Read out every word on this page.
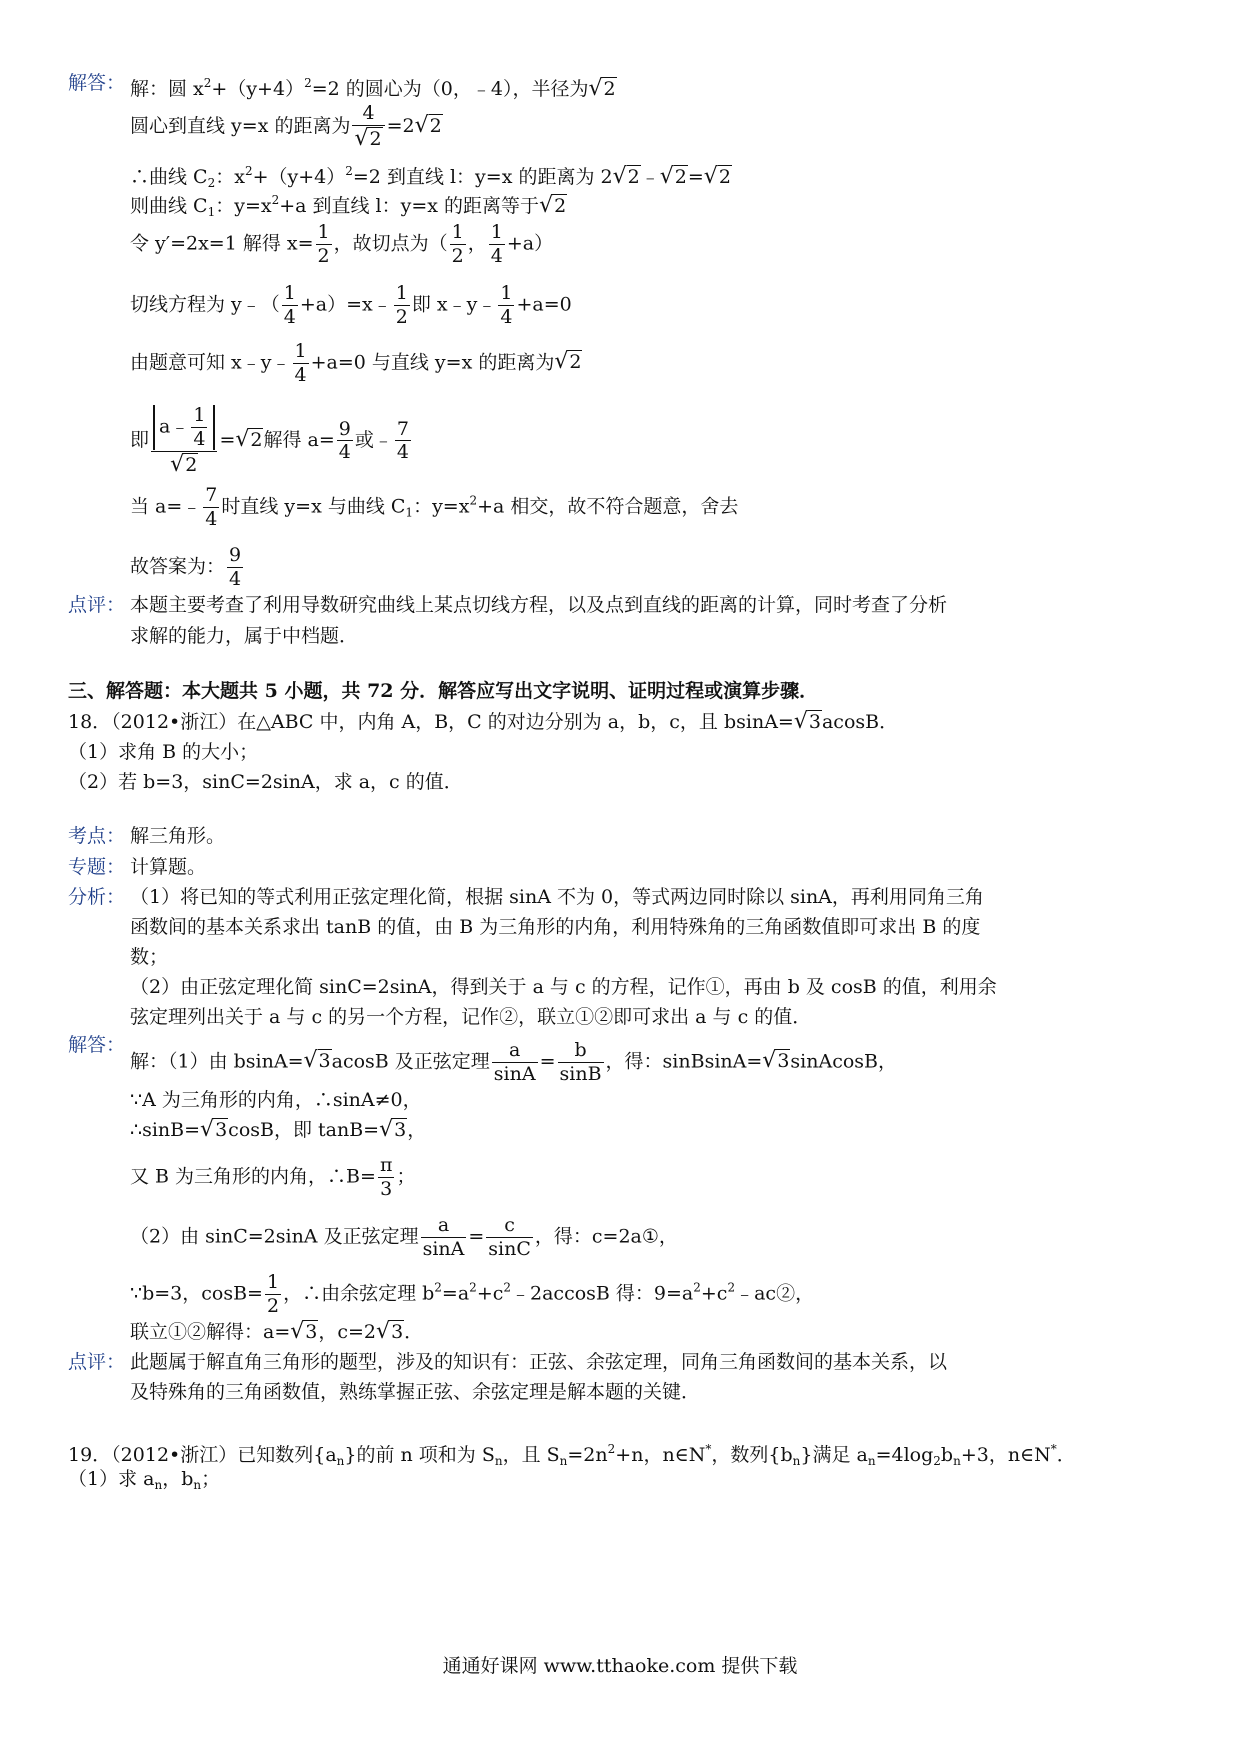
解答： 解：圆 $x^2+(y+4)^2=2$ 的圆心为（0，﹣4），半径为√2
圆心到直线 y=x 的距离为 $\frac{4}{√2} =2√2$
∴曲线 $C_2$：$x^2+(y+4)^2=2$ 到直线 l：y=x 的距离为 2√2﹣√2=√2
则曲线 $C_1$：$y=x^2+a$ 到直线 l：y=x 的距离等于√2
令 y′=2x=1 解得 $x= \frac{1}{2}$ ，故切点为（ $\frac{1}{2}$ ， $\frac{1}{4} +a$）
切线方程为 y﹣（ $\frac{1}{4}$ +a）=x﹣ $\frac{1}{2}$ 即 x﹣y﹣ $\frac{1}{4} +a=0$
由题意可知 x﹣y﹣ $\frac{1}{4} +a=0$ 与直线 y=x 的距离为√2
即 $\frac{a﹣ \frac{1}{4}}{√2} =√2$解得 $a= \frac{9}{4}$ 或﹣ $\frac{7}{4}$
当 a=﹣ $\frac{7}{4}$ 时直线 y=x 与曲线 $C_1$：$y=x^2+a$ 相交，故不符合题意，舍去
故答案为： $\frac{9}{4}$
点评： 本题主要考查了利用导数研究曲线上某点切线方程，以及点到直线的距离的计算，同时考查了分析
求解的能力，属于中档题．
三、解答题：本大题共 5 小题，共 72 分．解答应写出文字说明、证明过程或演算步骤．
18．（2012•浙江）在△ABC 中，内角 A，B，C 的对边分别为 a，b，c，且 bsinA=√3acosB．
（1）求角 B 的大小；
（2）若 b=3，sinC=2sinA，求 a，c 的值．
考点： 解三角形。
专题： 计算题。
分析： （1）将已知的等式利用正弦定理化简，根据 sinA 不为 0，等式两边同时除以 sinA，再利用同角三角
函数间的基本关系求出 tanB 的值，由 B 为三角形的内角，利用特殊角的三角函数值即可求出 B 的度
数；
（2）由正弦定理化简 sinC=2sinA，得到关于 a 与 c 的方程，记作①，再由 b 及 cosB 的值，利用余
弦定理列出关于 a 与 c 的另一个方程，记作②，联立①②即可求出 a 与 c 的值．
解答：
解：（1）由 bsinA=√3acosB 及正弦定理 $\frac{a}{\sin A} = \frac{b}{\sin B}$ ，得：sinBsinA=√3sinAcosB，
∵A 为三角形的内角，∴sinA≠0，
∴sinB=√3cosB，即 tanB=√3，
又 B 为三角形的内角，∴B= $\frac{\pi}{3}$ ；
（2）由 sinC=2sinA 及正弦定理 $\frac{a}{\sin A} = \frac{c}{\sin C}$ ，得：c=2a①，
∵b=3，$\cos B= \frac{1}{2}$ ，∴由余弦定理 $b^2=a^2+c^2﹣2accosB$ 得：$9=a^2+c^2﹣ac②$，
联立①②解得：a=√3，c=2√3．
点评： 此题属于解直角三角形的题型，涉及的知识有：正弦、余弦定理，同角三角函数间的基本关系，以
及特殊角的三角函数值，熟练掌握正弦、余弦定理是解本题的关键．
19．（2012•浙江）已知数列$\{a_n\}$的前 n 项和为 $S_n$，且 $S_n=2n^2+n$，n∈N*，数列$\{b_n\}$满足 $a_n=4\log_2b_n+3$，n∈N*．
（1）求 $a_n$，$b_n$；
通通好课网 www.tthaoke.com 提供下载
